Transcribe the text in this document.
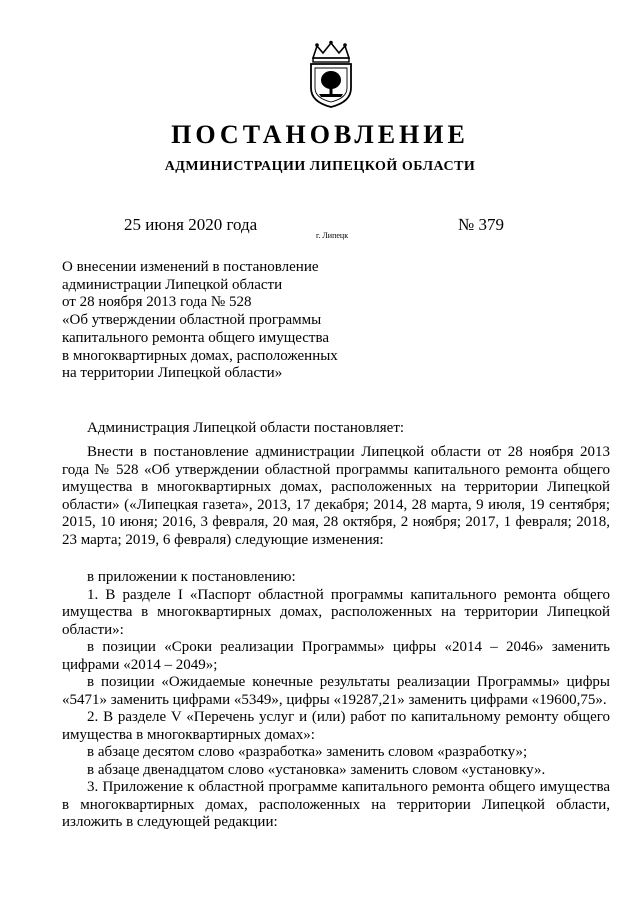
ПОСТАНОВЛЕНИЕ
АДМИНИСТРАЦИИ ЛИПЕЦКОЙ ОБЛАСТИ
25 июня 2020 года
г. Липецк
№ 379
О внесении изменений в постановление
администрации Липецкой области
от 28 ноября 2013 года № 528
«Об утверждении областной программы
капитального ремонта общего имущества
в многоквартирных домах, расположенных
на территории Липецкой области»

Администрация Липецкой области постановляет:

Внести в постановление администрации Липецкой области от 28 ноября 2013 года № 528 «Об утверждении областной программы капитального ремонта общего имущества в многоквартирных домах, расположенных на территории Липецкой области» («Липецкая газета», 2013, 17 декабря; 2014, 28 марта, 9 июля, 19 сентября; 2015, 10 июня; 2016, 3 февраля, 20 мая, 28 октября, 2 ноября; 2017, 1 февраля; 2018, 23 марта; 2019, 6 февраля) следующие изменения:

в приложении к постановлению:

1. В разделе I «Паспорт областной программы капитального ремонта общего имущества в многоквартирных домах, расположенных на территории Липецкой области»:

в позиции «Сроки реализации Программы» цифры «2014 – 2046» заменить цифрами «2014 – 2049»;

в позиции «Ожидаемые конечные результаты реализации Программы» цифры «5471» заменить цифрами «5349», цифры «19287,21» заменить цифрами «19600,75».

2. В разделе V «Перечень услуг и (или) работ по капитальному ремонту общего имущества в многоквартирных домах»:

в абзаце десятом слово «разработка» заменить словом «разработку»;

в абзаце двенадцатом слово «установка» заменить словом «установку».

3. Приложение к областной программе капитального ремонта общего имущества в многоквартирных домах, расположенных на территории Липецкой области, изложить в следующей редакции:
